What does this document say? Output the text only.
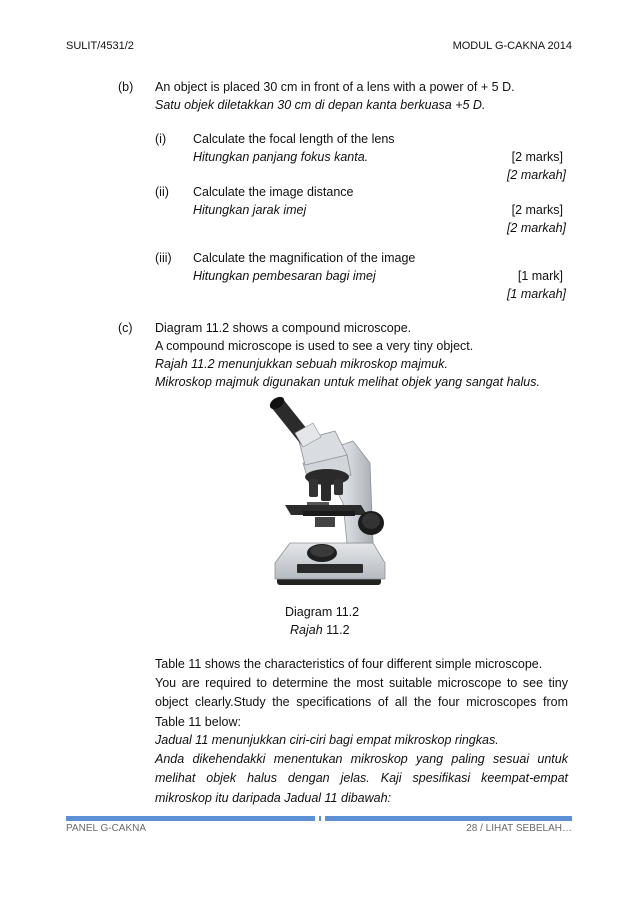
SULIT/4531/2	MODUL G-CAKNA 2014
(b) An object is placed 30 cm in front of a lens with a power of + 5 D.
Satu objek diletakkan 30 cm di depan kanta berkuasa +5 D.
(i) Calculate the focal length of the lens
Hitungkan panjang fokus kanta.	[2 marks]
[2 markah]
(ii) Calculate the image distance
Hitungkan jarak imej	[2 marks]
[2 markah]
(iii) Calculate the magnification of the image
Hitungkan pembesaran bagi imej	[1 mark]
[1 markah]
(c) Diagram 11.2 shows a compound microscope.
A compound microscope is used to see a very tiny object.
Rajah 11.2 menunjukkan sebuah mikroskop majmuk.
Mikroskop majmuk digunakan untuk melihat objek yang sangat halus.
Diagram 11.2
Rajah 11.2
Table 11 shows the characteristics of four different simple microscope.
You are required to determine the most suitable microscope to see tiny
object clearly.Study the specifications of all the four microscopes from
Table 11 below:
Jadual 11 menunjukkan ciri-ciri bagi empat mikroskop ringkas.
Anda dikehendakki menentukan mikroskop yang paling sesuai untuk
melihat objek halus dengan jelas. Kaji spesifikasi keempat-empat
mikroskop itu daripada Jadual 11 dibawah:
PANEL G-CAKNA	28 / LIHAT SEBELAH…
